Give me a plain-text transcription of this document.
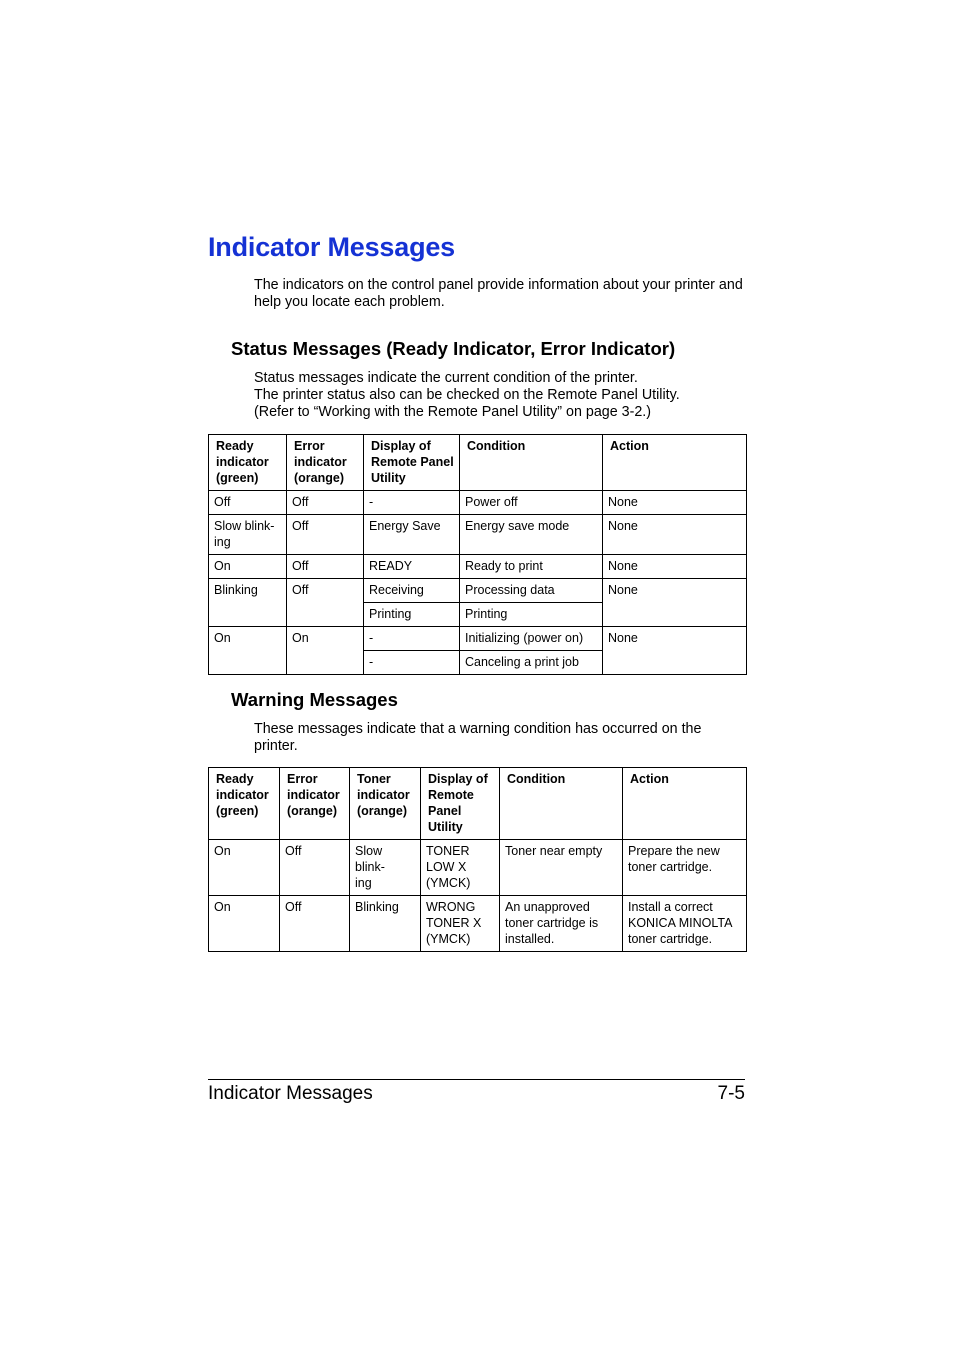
Indicator Messages

The indicators on the control panel provide information about your printer and
help you locate each problem.

Status Messages (Ready Indicator, Error Indicator)

Status messages indicate the current condition of the printer.
The printer status also can be checked on the Remote Panel Utility.
(Refer to “Working with the Remote Panel Utility” on page 3-2.)

Ready
indicator
(green)	Error
indicator
(orange)	Display of
Remote Panel
Utility	Condition	Action
Off	Off	-	Power off	None
Slow blink-
ing	Off	Energy Save	Energy save mode	None
On	Off	READY	Ready to print	None
Blinking	Off	Receiving	Processing data	None
		Printing	Printing	
On	On	-	Initializing (power on)	None
		-	Canceling a print job	
Warning Messages

These messages indicate that a warning condition has occurred on the
printer.

Ready
indicator
(green)	Error
indicator
(orange)	Toner
indicator
(orange)	Display of
Remote
Panel
Utility	Condition	Action
On	Off	Slow blink-
ing	TONER
LOW X
(YMCK)	Toner near empty	Prepare the new
toner cartridge.
On	Off	Blinking	WRONG
TONER X
(YMCK)	An unapproved
toner cartridge is
installed.	Install a correct
KONICA MINOLTA
toner cartridge.
Indicator Messages	7-5
